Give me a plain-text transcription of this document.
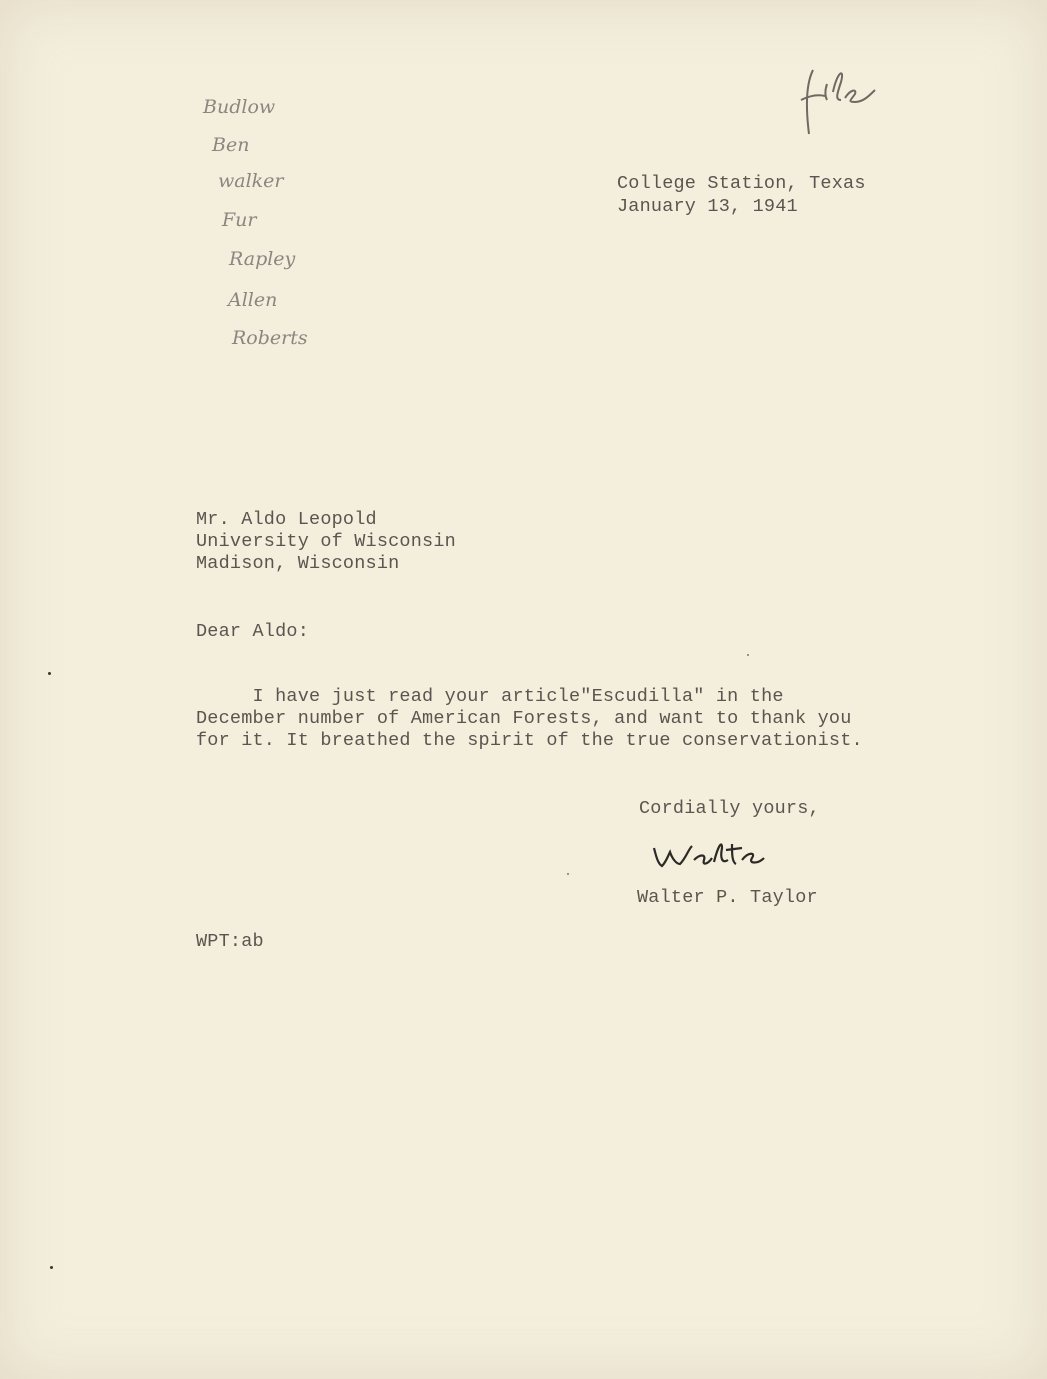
Budlow
Ben
walker
Fur
Rapley
Allen
Roberts
College Station, Texas
January 13, 1941
Mr. Aldo Leopold
University of Wisconsin
Madison, Wisconsin
Dear Aldo:
I have just read your article"Escudilla" in the
December number of American Forests, and want to thank you
for it. It breathed the spirit of the true conservationist.
Cordially yours,
Walter P. Taylor
WPT:ab
